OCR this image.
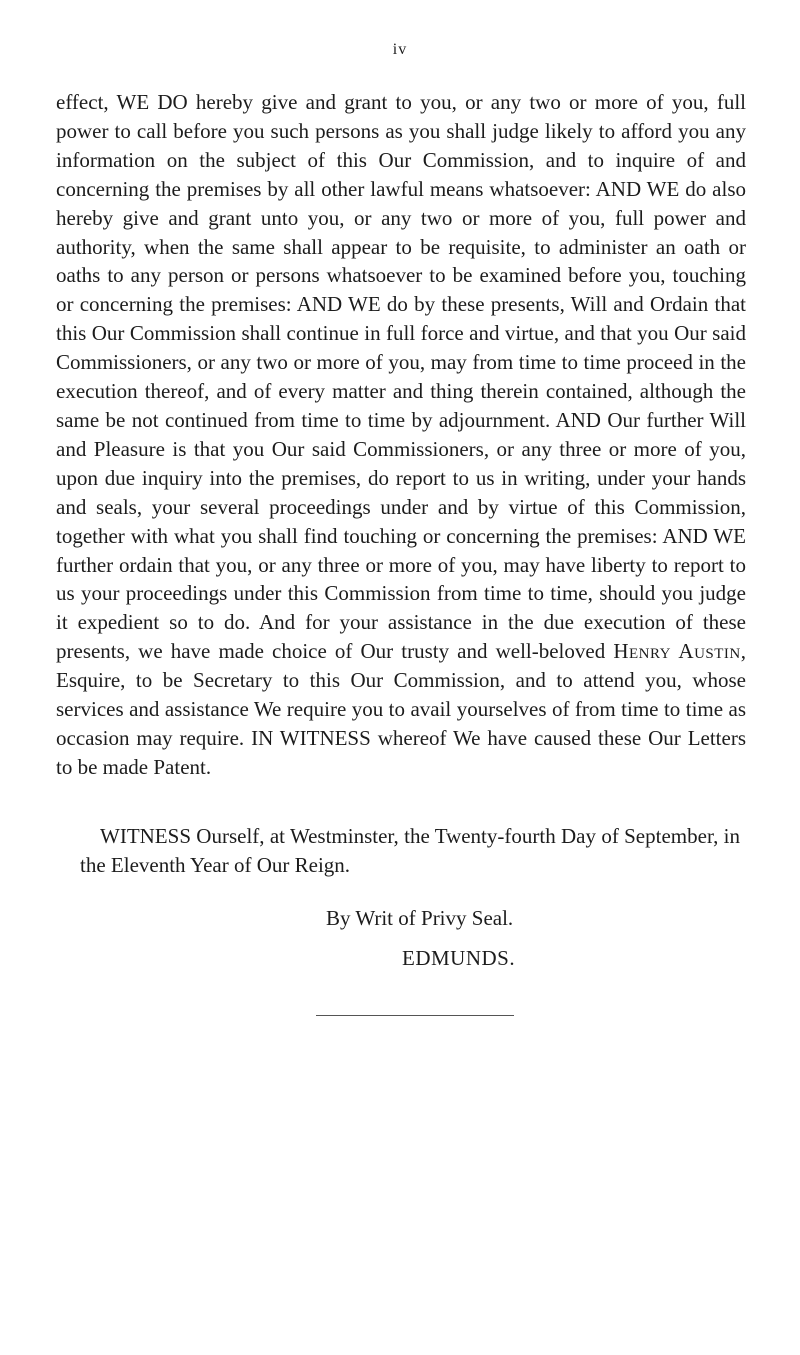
iv

effect, WE DO hereby give and grant to you, or any two or more of you, full power to call before you such persons as you shall judge likely to afford you any information on the subject of this Our Commission, and to inquire of and concerning the premises by all other lawful means whatsoever: AND WE do also hereby give and grant unto you, or any two or more of you, full power and authority, when the same shall appear to be requisite, to administer an oath or oaths to any person or persons whatsoever to be examined before you, touching or concerning the premises: AND WE do by these presents, Will and Ordain that this Our Commission shall continue in full force and virtue, and that you Our said Commissioners, or any two or more of you, may from time to time proceed in the execution thereof, and of every matter and thing therein contained, although the same be not continued from time to time by adjournment. AND Our further Will and Pleasure is that you Our said Commissioners, or any three or more of you, upon due inquiry into the premises, do report to us in writing, under your hands and seals, your several proceedings under and by virtue of this Commission, together with what you shall find touching or concerning the premises: AND WE further ordain that you, or any three or more of you, may have liberty to report to us your proceedings under this Commission from time to time, should you judge it expedient so to do. And for your assistance in the due execution of these presents, we have made choice of Our trusty and well-beloved Henry Austin, Esquire, to be Secretary to this Our Commission, and to attend you, whose services and assistance We require you to avail yourselves of from time to time as occasion may require. IN WITNESS whereof We have caused these Our Letters to be made Patent.

WITNESS Ourself, at Westminster, the Twenty-fourth Day of September, in the Eleventh Year of Our Reign.
By Writ of Privy Seal.
EDMUNDS.
